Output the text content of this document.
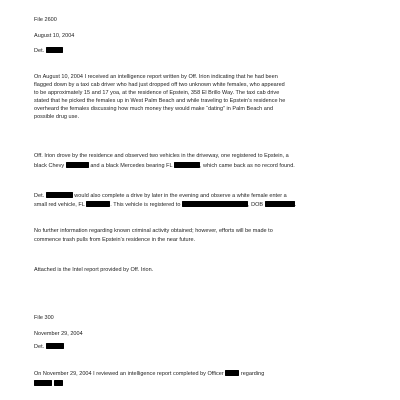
File 2600
August 10, 2004
Det.
On August 10, 2004 I received an intelligence report written by Off. Irion indicating that he had been
flagged down by a taxi cab driver who had just dropped off two unknown white females, who appeared
to be approximately 15 and 17 yoa, at the residence of Epstein, 358 El Brillo Way. The taxi cab drive
stated that he picked the females up in West Palm Beach and while traveling to Epstein’s residence he
overheard the females discussing how much money they would make “dating” in Palm Beach and
possible drug use.
Off. Irion drove by the residence and observed two vehicles in the driveway, one registered to Epstein, a
black Chevy	and a black Mercedes bearing FL	, which came back as no record found.
Det.	would also complete a drive by later in the evening and observe a white female enter a
small red vehicle, FL	. This vehicle is registered to	, DOB	.
No further information regarding known criminal activity obtained; however, efforts will be made to
commence trash pulls from Epstein’s residence in the near future.
Attached is the Intel report provided by Off. Irion.
File 300
November 29, 2004
Det.
On November 29, 2004 I reviewed an intelligence report completed by Officer	regarding
